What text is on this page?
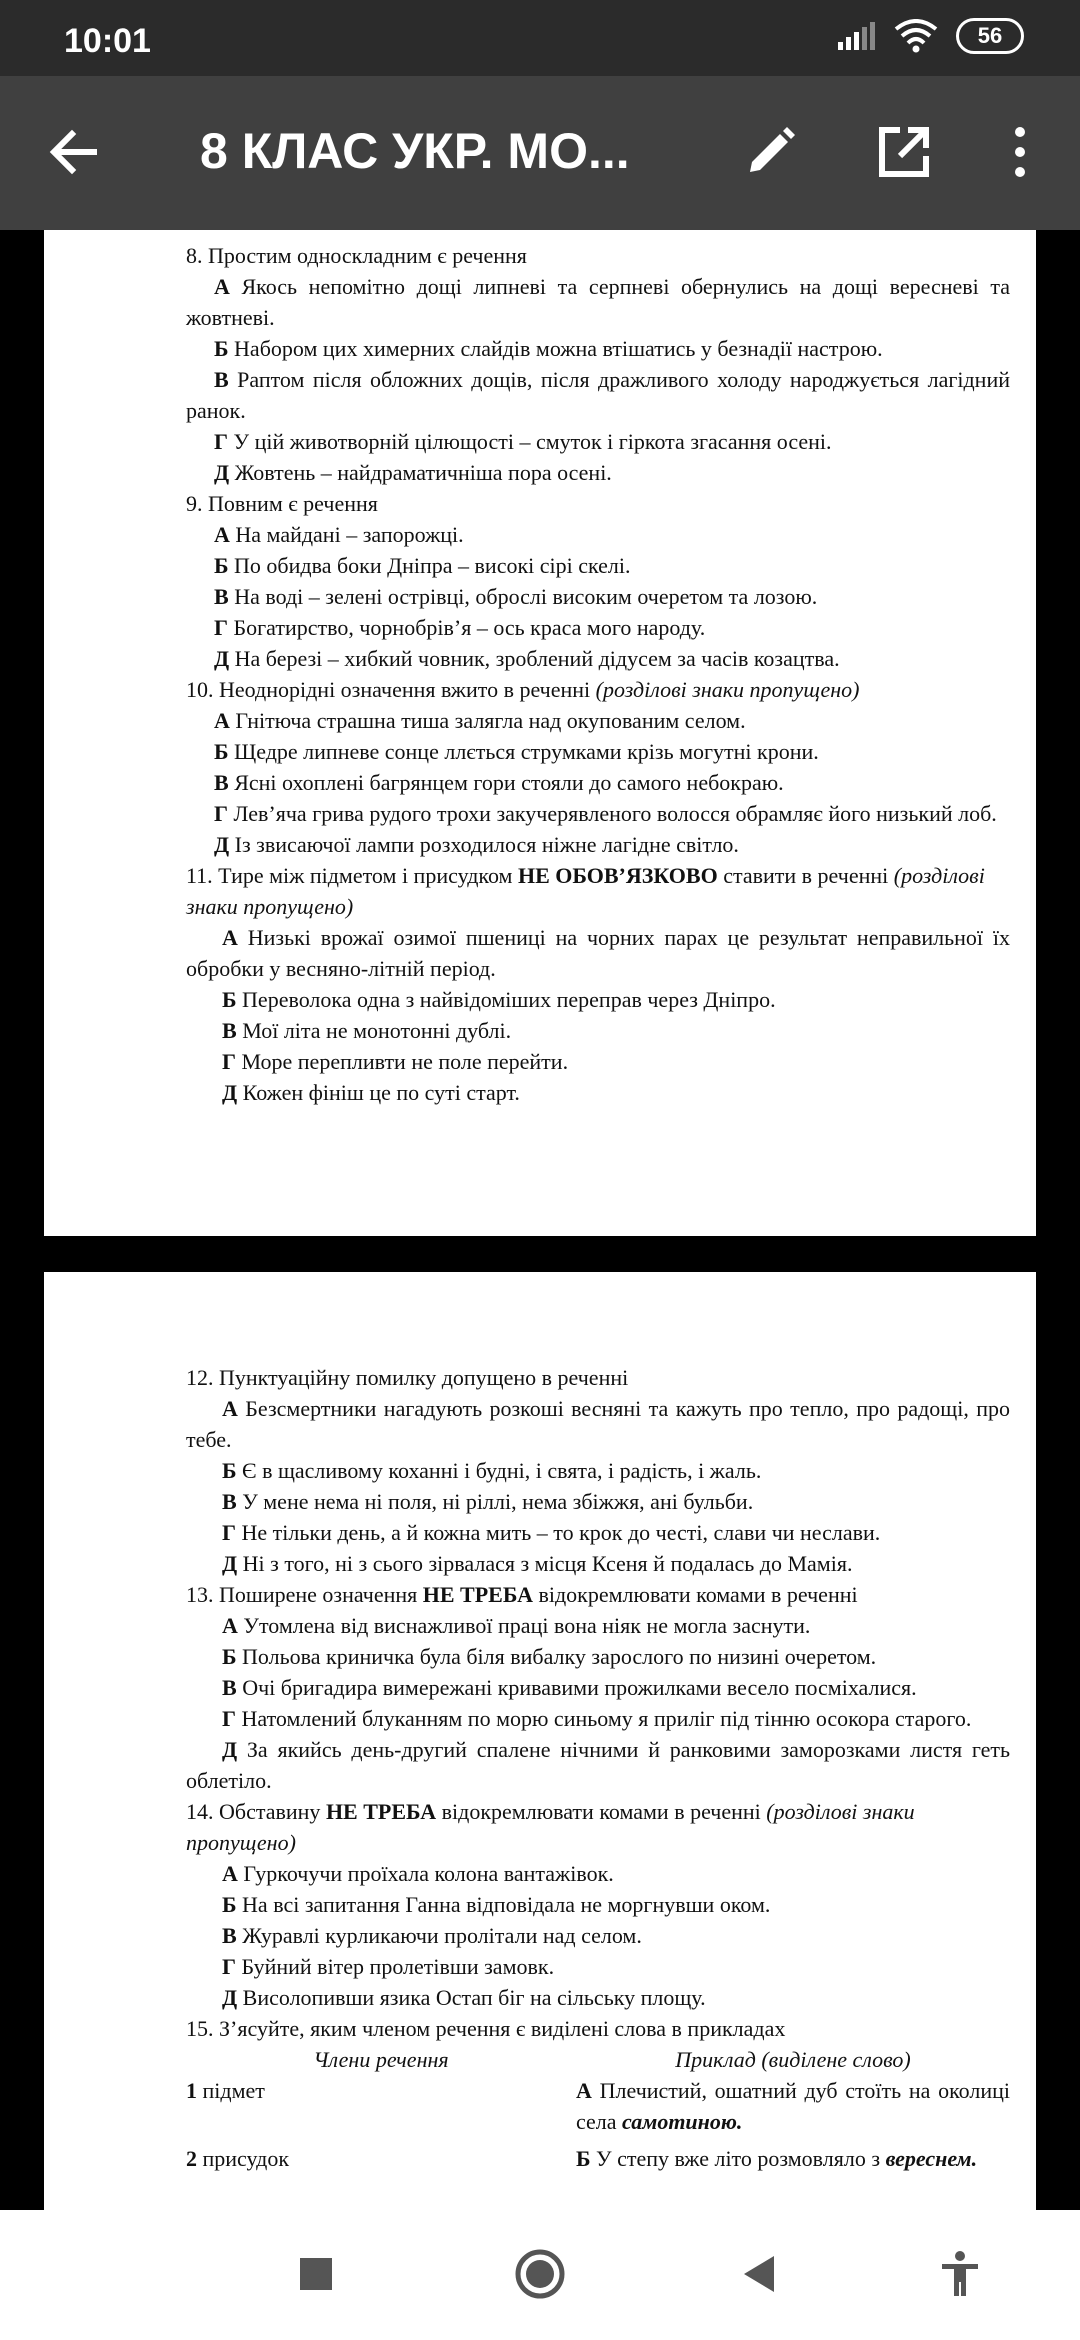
10:01	56
8 КЛАС УКР. МО...

8. Простим односкладним є речення

А Якось непомітно дощі липневі та серпневі обернулись на дощі вересневі та жовтневі.

Б Набором цих химерних слайдів можна втішатись у безнадії настрою.

В Раптом після обложних дощів, після дражливого холоду народжується лагідний ранок.

Г У цій животворній цілющості – смуток і гіркота згасання осені.

Д Жовтень – найдраматичніша пора осені.

9. Повним є речення

А На майдані – запорожці.

Б По обидва боки Дніпра – високі сірі скелі.

В На воді – зелені острівці, оброслі високим очеретом та лозою.

Г Богатирство, чорнобрів’я – ось краса мого народу.

Д На березі – хибкий човник, зроблений дідусем за часів козацтва.

10. Неоднорідні означення вжито в реченні (розділові знаки пропущено)

А Гнітюча страшна тиша залягла над окупованим селом.

Б Щедре липневе сонце ллється струмками крізь могутні крони.

В Ясні охоплені багрянцем гори стояли до самого небокраю.

Г Лев’яча грива рудого трохи закучерявленого волосся обрамляє його низький лоб.

Д Із звисаючої лампи розходилося ніжне лагідне світло.

11. Тире між підметом і присудком НЕ ОБОВ’ЯЗКОВО ставити в реченні (розділові знаки пропущено)

А Низькі врожаї озимої пшениці на чорних парах це результат неправильної їх обробки у весняно-літній період.

Б Переволока одна з найвідоміших переправ через Дніпро.

В Мої літа не монотонні дублі.

Г Море перепливти не поле перейти.

Д Кожен фініш це по суті старт.

12. Пунктуаційну помилку допущено в реченні

А Безсмертники нагадують розкоші весняні та кажуть про тепло, про радощі, про тебе.

Б Є в щасливому коханні і будні, і свята, і радість, і жаль.

В У мене нема ні поля, ні ріллі, нема збіжжя, ані бульби.

Г Не тільки день, а й кожна мить – то крок до честі, слави чи неслави.

Д Ні з того, ні з сього зірвалася з місця Ксеня й подалась до Мамія.

13. Поширене означення НЕ ТРЕБА відокремлювати комами в реченні

А Утомлена від виснажливої праці вона ніяк не могла заснути.

Б Польова криничка була біля вибалку зарослого по низині очеретом.

В Очі бригадира вимережані кривавими прожилками весело посміхалися.

Г Натомлений блуканням по морю синьому я приліг під тінню осокора старого.

Д За якийсь день-другий спалене нічними й ранковими заморозками листя геть облетіло.

14. Обставину НЕ ТРЕБА відокремлювати комами в реченні (розділові знаки пропущено)

А Гуркочучи проїхала колона вантажівок.

Б На всі запитання Ганна відповідала не моргнувши оком.

В Журавлі курликаючи пролітали над селом.

Г Буйний вітер пролетівши замовк.

Д Висолопивши язика Остап біг на сільську площу.

15. З’ясуйте, яким членом речення є виділені слова в прикладах

Члени речення	Приклад (виділене слово)

1 підмет	А Плечистий, ошатний дуб стоїть на околиці села самотиною.
2 присудок	Б У степу вже літо розмовляло з вереснем.
